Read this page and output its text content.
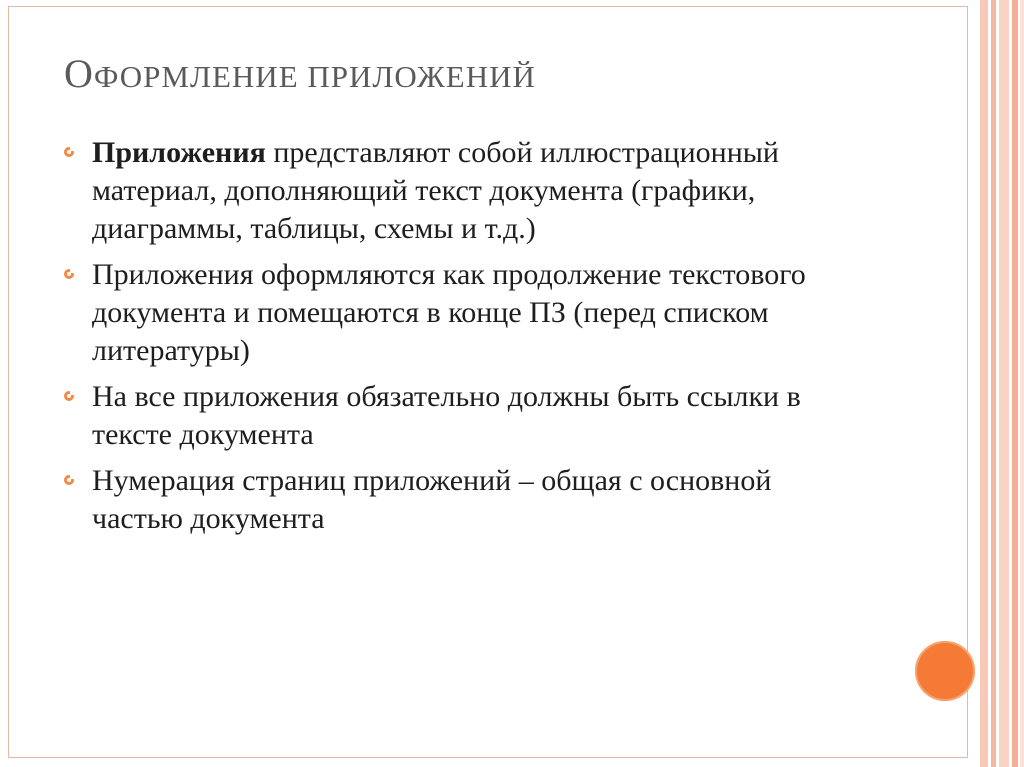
ОФОРМЛЕНИЕ ПРИЛОЖЕНИЙ
Приложения представляют собой иллюстрационный материал, дополняющий текст документа (графики, диаграммы, таблицы, схемы и т.д.)
Приложения оформляются как продолжение текстового документа и помещаются в конце ПЗ (перед списком литературы)
На все приложения обязательно должны быть ссылки в тексте документа
Нумерация страниц приложений – общая с основной частью документа
